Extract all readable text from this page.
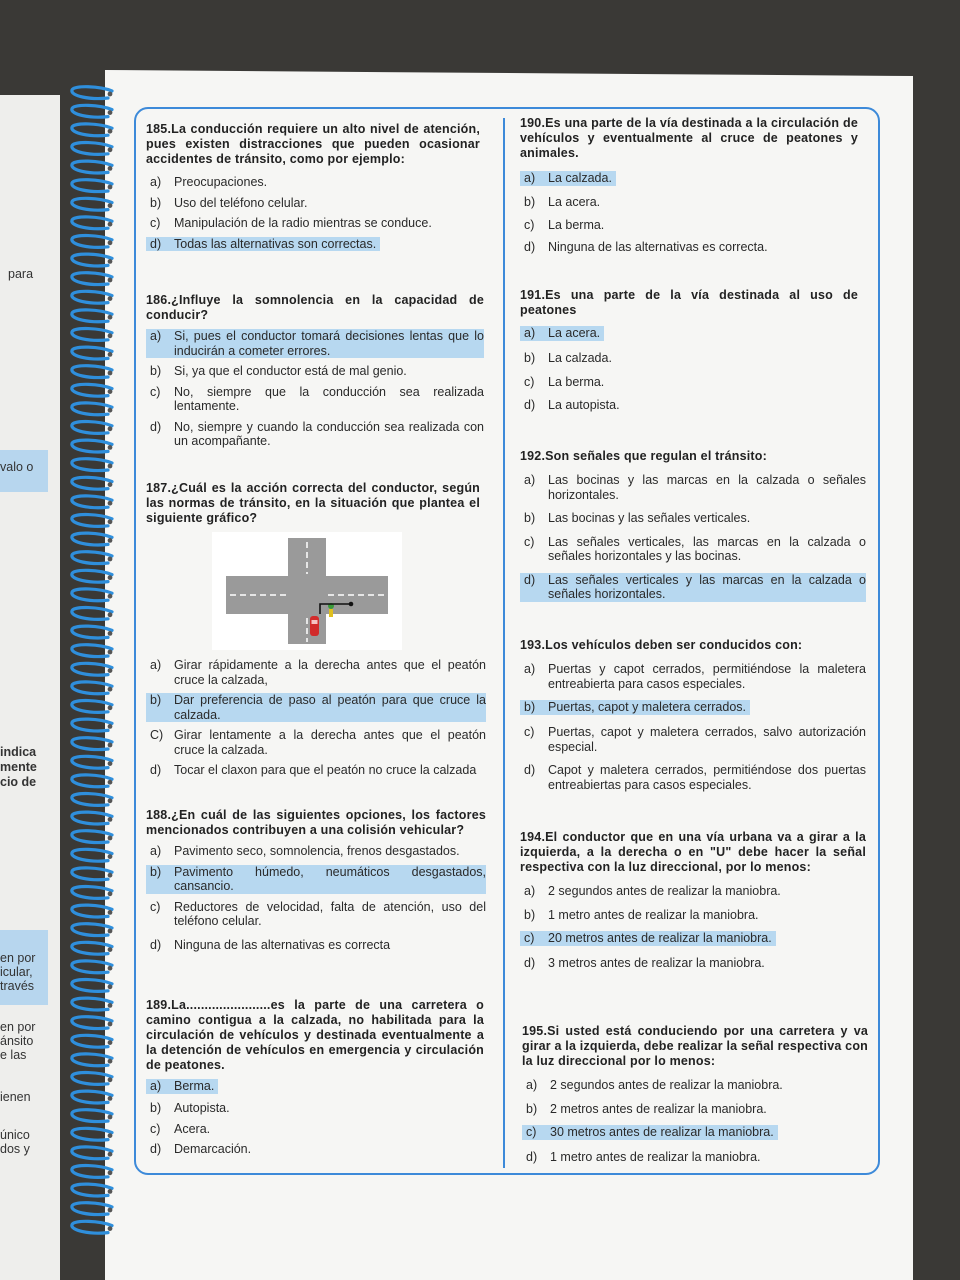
para
valo o
indica
mente
cio de
en por
icular,
través
en por
ánsito
e las
ienen
único
dos y
185.La conducción requiere un alto nivel de atención, pues existen distracciones que pueden ocasionar accidentes de tránsito, como por ejemplo:
a) Preocupaciones.
b) Uso del teléfono celular.
c) Manipulación de la radio mientras se conduce.
d) Todas las alternativas son correctas.
186.¿Influye la somnolencia en la capacidad de conducir?
a) Si, pues el conductor tomará decisiones lentas que lo inducirán a cometer errores.
b) Si, ya que el conductor está de mal genio.
c) No, siempre que la conducción sea realizada lentamente.
d) No, siempre y cuando la conducción sea realizada con un acompañante.
187.¿Cuál es la acción correcta del conductor, según las normas de tránsito, en la situación que plantea el siguiente gráfico?
a) Girar rápidamente a la derecha antes que el peatón cruce la calzada,
b) Dar preferencia de paso al peatón para que cruce la calzada.
C) Girar lentamente a la derecha antes que el peatón cruce la calzada.
d) Tocar el claxon para que el peatón no cruce la calzada
188.¿En cuál de las siguientes opciones, los factores mencionados contribuyen a una colisión vehicular?
a) Pavimento seco, somnolencia, frenos desgastados.
b) Pavimento húmedo, neumáticos desgastados, cansancio.
c) Reductores de velocidad, falta de atención, uso del teléfono celular.
d) Ninguna de las alternativas es correcta
189.La.......................es la parte de una carretera o camino contigua a la calzada, no habilitada para la circulación de vehículos y destinada eventualmente a la detención de vehículos en emergencia y circulación de peatones.
a) Berma.
b) Autopista.
c) Acera.
d) Demarcación.
190.Es una parte de la vía destinada a la circulación de vehículos y eventualmente al cruce de peatones y animales.
a) La calzada.
b) La acera.
c) La berma.
d) Ninguna de las alternativas es correcta.
191.Es una parte de la vía destinada al uso de peatones
a) La acera.
b) La calzada.
c) La berma.
d) La autopista.
192.Son señales que regulan el tránsito:
a) Las bocinas y las marcas en la calzada o señales horizontales.
b) Las bocinas y las señales verticales.
c) Las señales verticales, las marcas en la calzada o señales horizontales y las bocinas.
d) Las señales verticales y las marcas en la calzada o señales horizontales.
193.Los vehículos deben ser conducidos con:
a) Puertas y capot cerrados, permitiéndose la maletera entreabierta para casos especiales.
b) Puertas, capot y maletera cerrados.
c) Puertas, capot y maletera cerrados, salvo autorización especial.
d) Capot y maletera cerrados, permitiéndose dos puertas entreabiertas para casos especiales.
194.El conductor que en una vía urbana va a girar a la izquierda, a la derecha o en "U" debe hacer la señal respectiva con la luz direccional, por lo menos:
a) 2 segundos antes de realizar la maniobra.
b) 1 metro antes de realizar la maniobra.
c) 20 metros antes de realizar la maniobra.
d) 3 metros antes de realizar la maniobra.
195.Si usted está conduciendo por una carretera y va girar a la izquierda, debe realizar la señal respectiva con la luz direccional por lo menos:
a) 2 segundos antes de realizar la maniobra.
b) 2 metros antes de realizar la maniobra.
c) 30 metros antes de realizar la maniobra.
d) 1 metro antes de realizar la maniobra.
